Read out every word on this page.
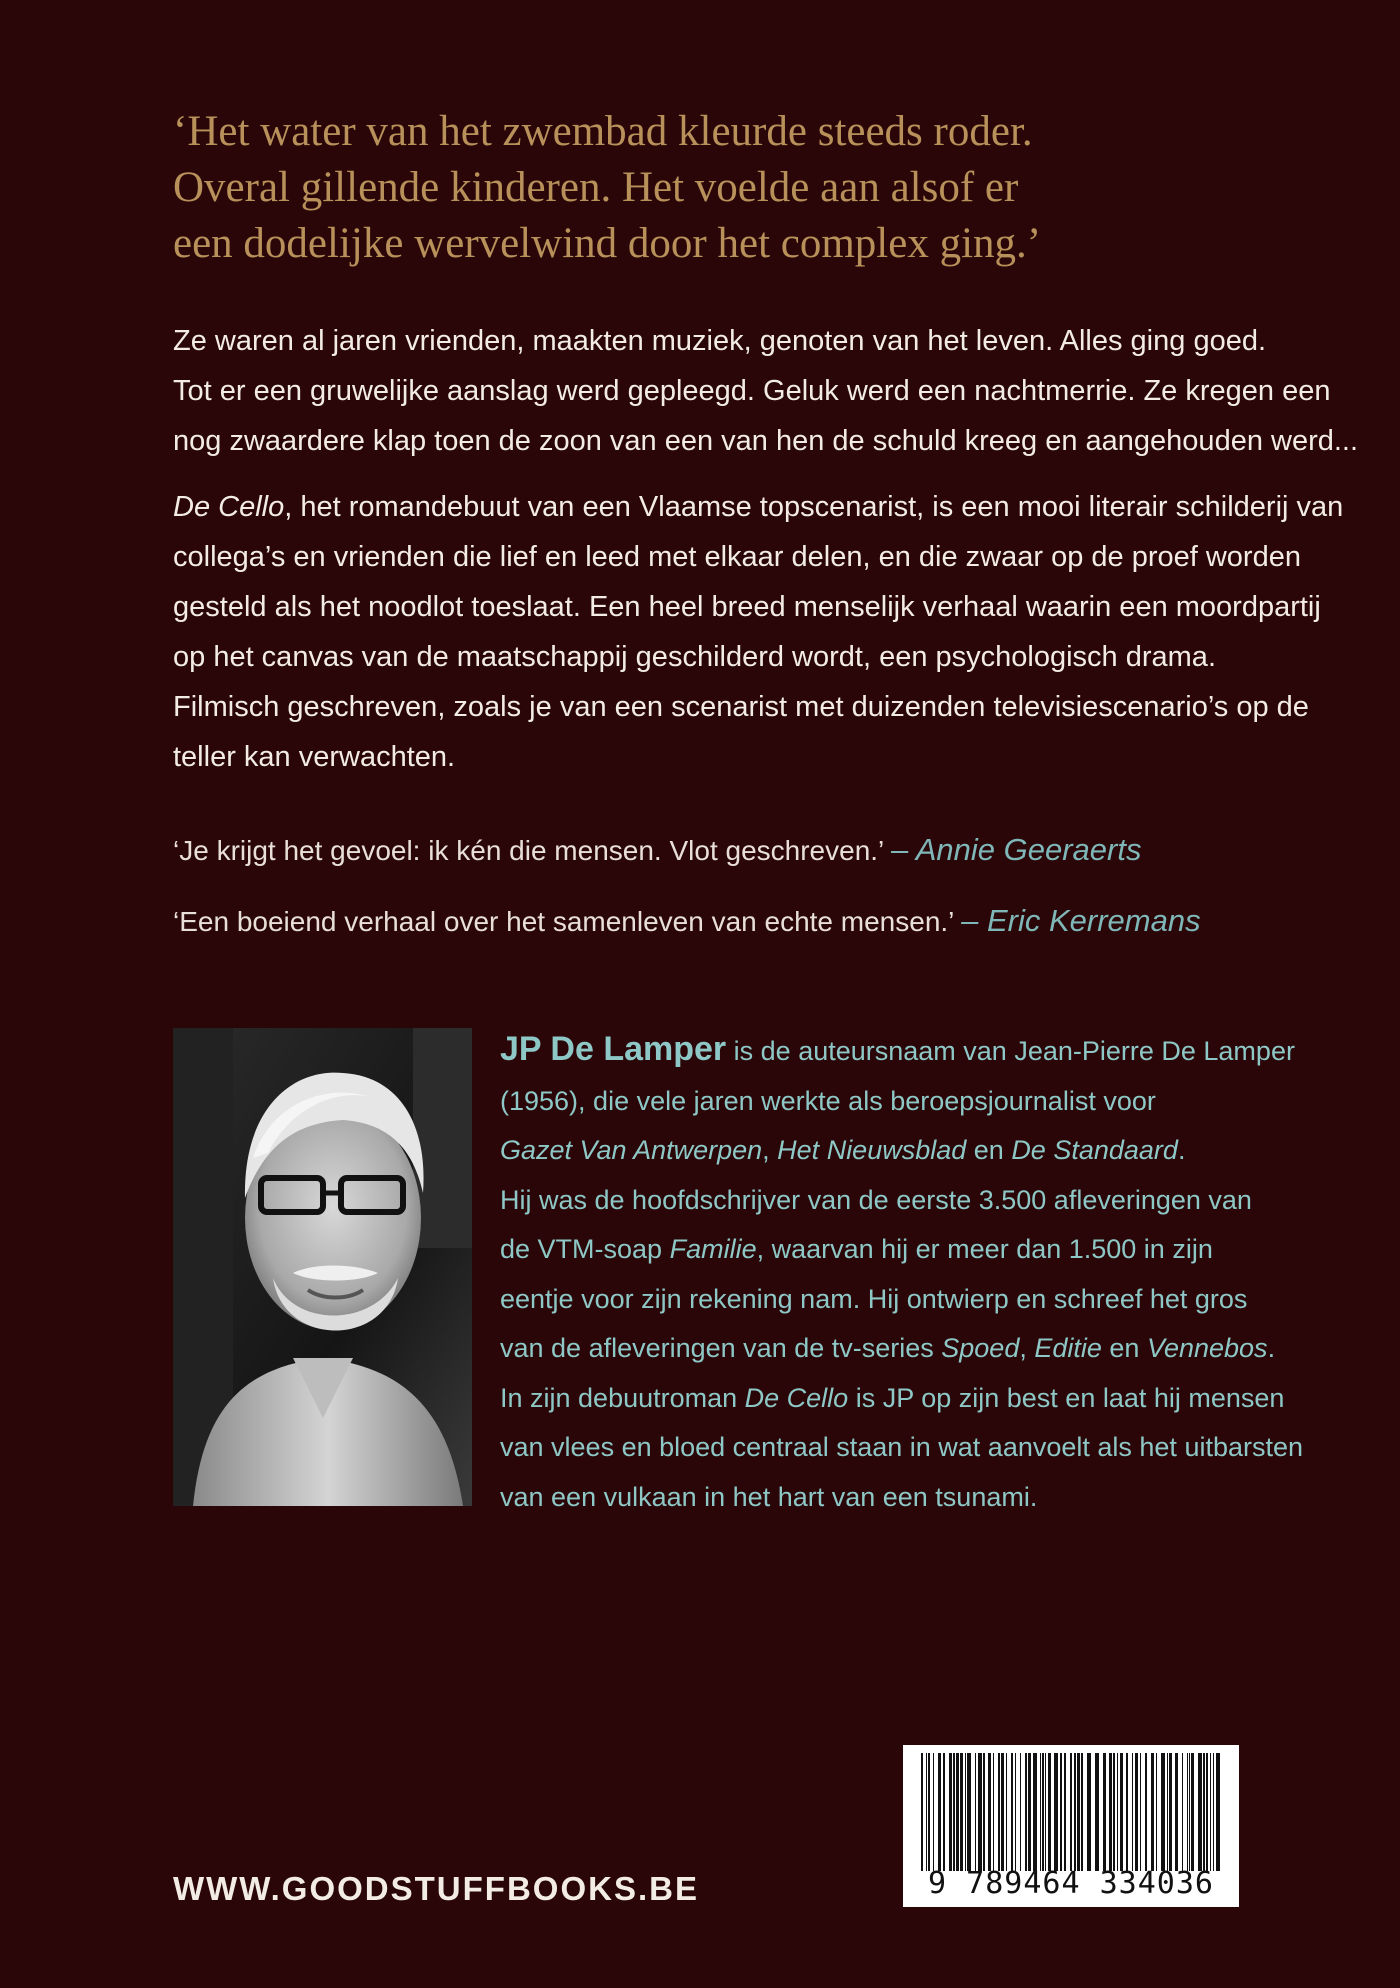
‘Het water van het zwembad kleurde steeds roder.
Overal gillende kinderen. Het voelde aan alsof er
een dodelijke wervelwind door het complex ging.’

Ze waren al jaren vrienden, maakten muziek, genoten van het leven. Alles ging goed.
Tot er een gruwelijke aanslag werd gepleegd. Geluk werd een nachtmerrie. Ze kregen een
nog zwaardere klap toen de zoon van een van hen de schuld kreeg en aangehouden werd...

De Cello, het romandebuut van een Vlaamse topscenarist, is een mooi literair schilderij van
collega’s en vrienden die lief en leed met elkaar delen, en die zwaar op de proef worden
gesteld als het noodlot toeslaat. Een heel breed menselijk verhaal waarin een moordpartij
op het canvas van de maatschappij geschilderd wordt, een psychologisch drama.
Filmisch geschreven, zoals je van een scenarist met duizenden televisiescenario’s op de
teller kan verwachten.

‘Je krijgt het gevoel: ik kén die mensen. Vlot geschreven.’ – Annie Geeraerts

‘Een boeiend verhaal over het samenleven van echte mensen.’ – Eric Kerremans

JP De Lamper is de auteursnaam van Jean-Pierre De Lamper
(1956), die vele jaren werkte als beroepsjournalist voor
Gazet Van Antwerpen, Het Nieuwsblad en De Standaard.
Hij was de hoofdschrijver van de eerste 3.500 afleveringen van
de VTM-soap Familie, waarvan hij er meer dan 1.500 in zijn
eentje voor zijn rekening nam. Hij ontwierp en schreef het gros
van de afleveringen van de tv-series Spoed, Editie en Vennebos.
In zijn debuutroman De Cello is JP op zijn best en laat hij mensen
van vlees en bloed centraal staan in wat aanvoelt als het uitbarsten
van een vulkaan in het hart van een tsunami.
WWW.GOODSTUFFBOOKS.BE	9 789464 334036
